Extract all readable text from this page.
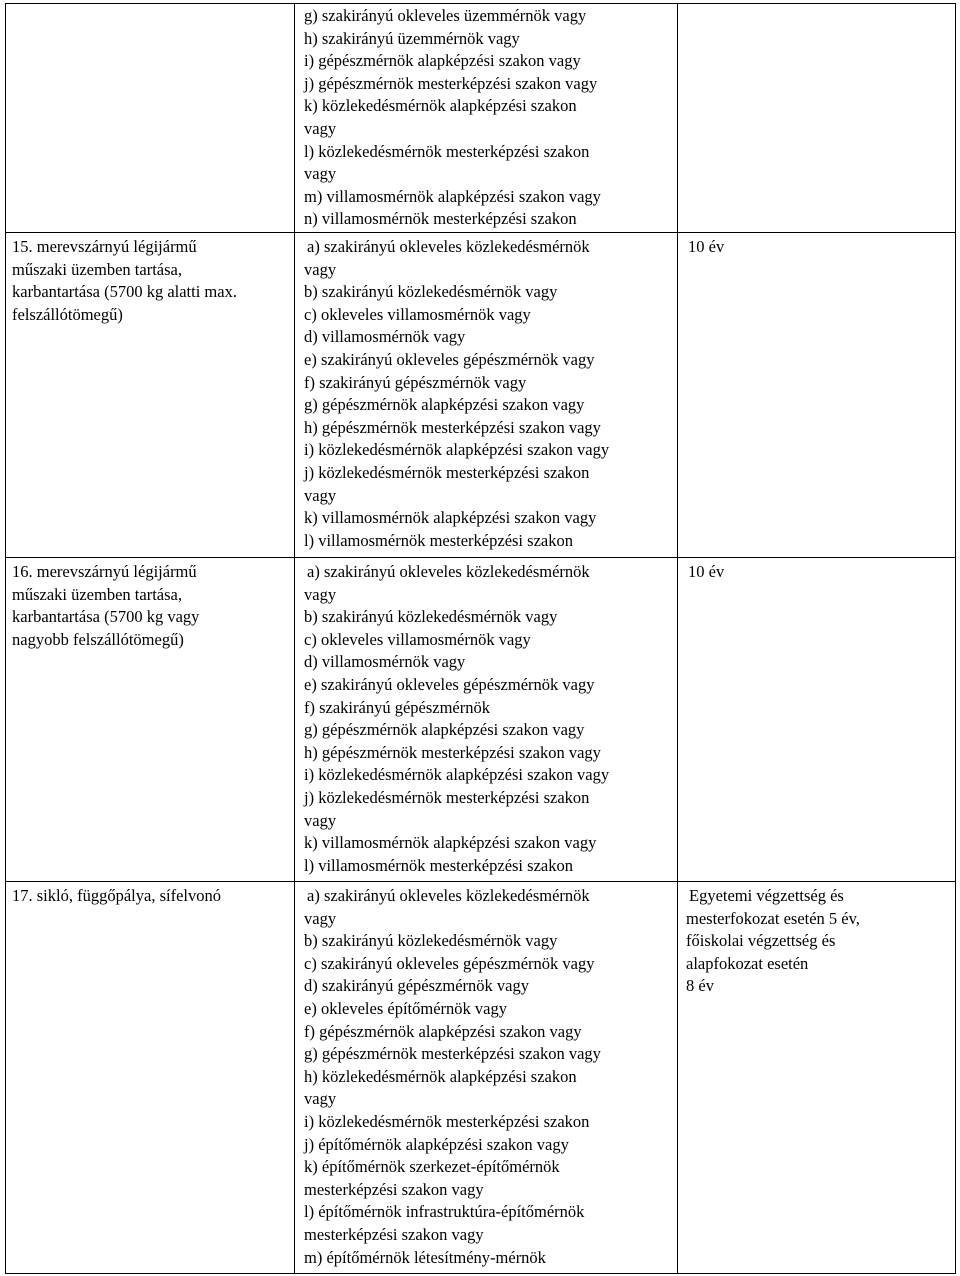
g) szakirányú okleveles üzemmérnök vagy
h) szakirányú üzemmérnök vagy
i) gépészmérnök alapképzési szakon vagy
j) gépészmérnök mesterképzési szakon vagy
k) közlekedésmérnök alapképzési szakon
vagy
l) közlekedésmérnök mesterképzési szakon
vagy
m) villamosmérnök alapképzési szakon vagy
n) villamosmérnök mesterképzési szakon
15. merevszárnyú légijármű
műszaki üzemben tartása,
karbantartása (5700 kg alatti max.
felszállótömegű)
a) szakirányú okleveles közlekedésmérnök
vagy
b) szakirányú közlekedésmérnök vagy
c) okleveles villamosmérnök vagy
d) villamosmérnök vagy
e) szakirányú okleveles gépészmérnök vagy
f) szakirányú gépészmérnök vagy
g) gépészmérnök alapképzési szakon vagy
h) gépészmérnök mesterképzési szakon vagy
i) közlekedésmérnök alapképzési szakon vagy
j) közlekedésmérnök mesterképzési szakon
vagy
k) villamosmérnök alapképzési szakon vagy
l) villamosmérnök mesterképzési szakon
10 év
16. merevszárnyú légijármű
műszaki üzemben tartása,
karbantartása (5700 kg vagy
nagyobb felszállótömegű)
a) szakirányú okleveles közlekedésmérnök
vagy
b) szakirányú közlekedésmérnök vagy
c) okleveles villamosmérnök vagy
d) villamosmérnök vagy
e) szakirányú okleveles gépészmérnök vagy
f) szakirányú gépészmérnök
g) gépészmérnök alapképzési szakon vagy
h) gépészmérnök mesterképzési szakon vagy
i) közlekedésmérnök alapképzési szakon vagy
j) közlekedésmérnök mesterképzési szakon
vagy
k) villamosmérnök alapképzési szakon vagy
l) villamosmérnök mesterképzési szakon
10 év
17. sikló, függőpálya, sífelvonó	a) szakirányú okleveles közlekedésmérnök
vagy
b) szakirányú közlekedésmérnök vagy
c) szakirányú okleveles gépészmérnök vagy
d) szakirányú gépészmérnök vagy
e) okleveles építőmérnök vagy
f) gépészmérnök alapképzési szakon vagy
g) gépészmérnök mesterképzési szakon vagy
h) közlekedésmérnök alapképzési szakon
vagy
i) közlekedésmérnök mesterképzési szakon
j) építőmérnök alapképzési szakon vagy
k) építőmérnök szerkezet-építőmérnök
mesterképzési szakon vagy
l) építőmérnök infrastruktúra-építőmérnök
mesterképzési szakon vagy
m) építőmérnök létesítmény-mérnök
Egyetemi végzettség és
mesterfokozat esetén 5 év,
főiskolai végzettség és
alapfokozat esetén
8 év
